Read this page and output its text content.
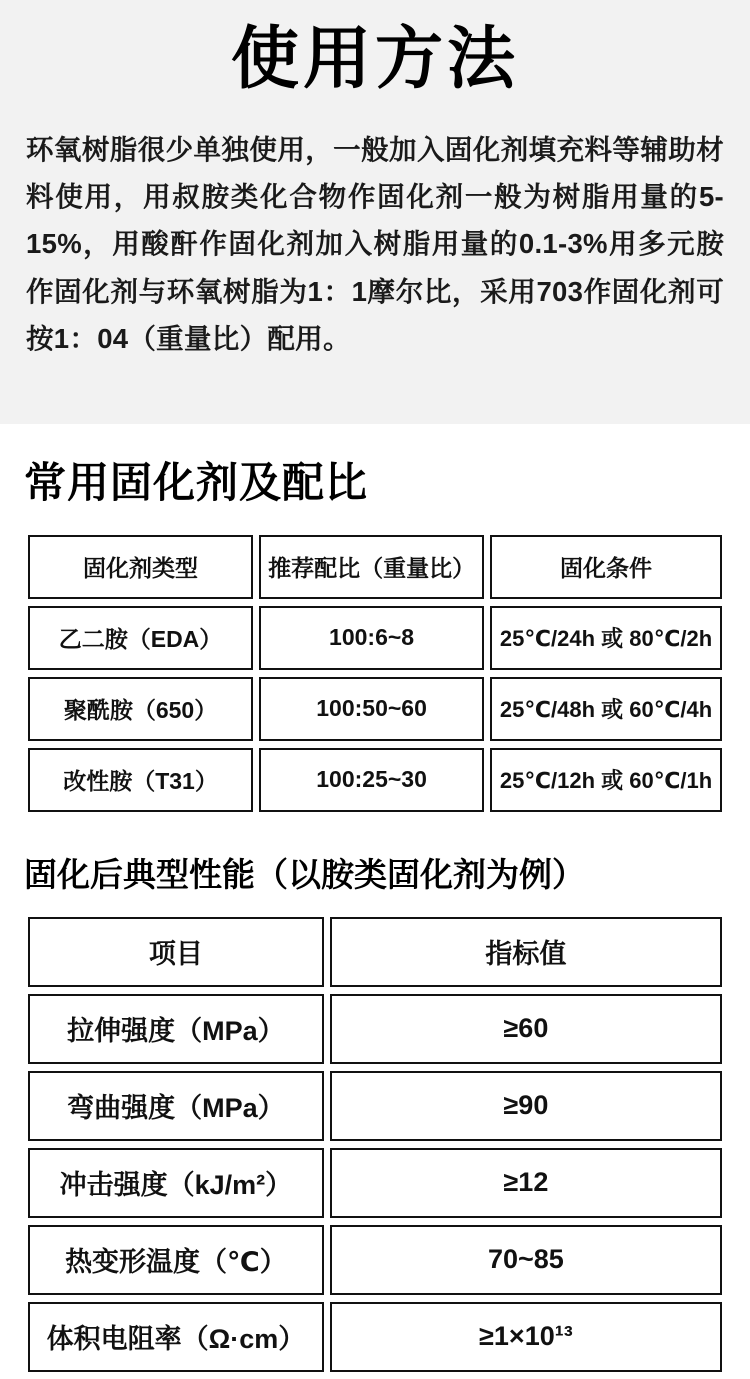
使用方法

环氧树脂很少单独使用，一般加入固化剂填充料等辅助材料使用，用叔胺类化合物作固化剂一般为树脂用量的5-15%，用酸酐作固化剂加入树脂用量的0.1-3%用多元胺作固化剂与环氧树脂为1：1摩尔比，采用703作固化剂可按1：04（重量比）配用。

常用固化剂及配比
固化剂类型	推荐配比（重量比）	固化条件
乙二胺（EDA）	100:6~8	25℃/24h 或 80℃/2h
聚酰胺（650）	100:50~60	25℃/48h 或 60℃/4h
改性胺（T31）	100:25~30	25℃/12h 或 60℃/1h
固化后典型性能（以胺类固化剂为例）
项目	指标值
拉伸强度（MPa）	≥60
弯曲强度（MPa）	≥90
冲击强度（kJ/m²）	≥12
热变形温度（℃）	70~85
体积电阻率（Ω·cm）	≥1×10¹³
